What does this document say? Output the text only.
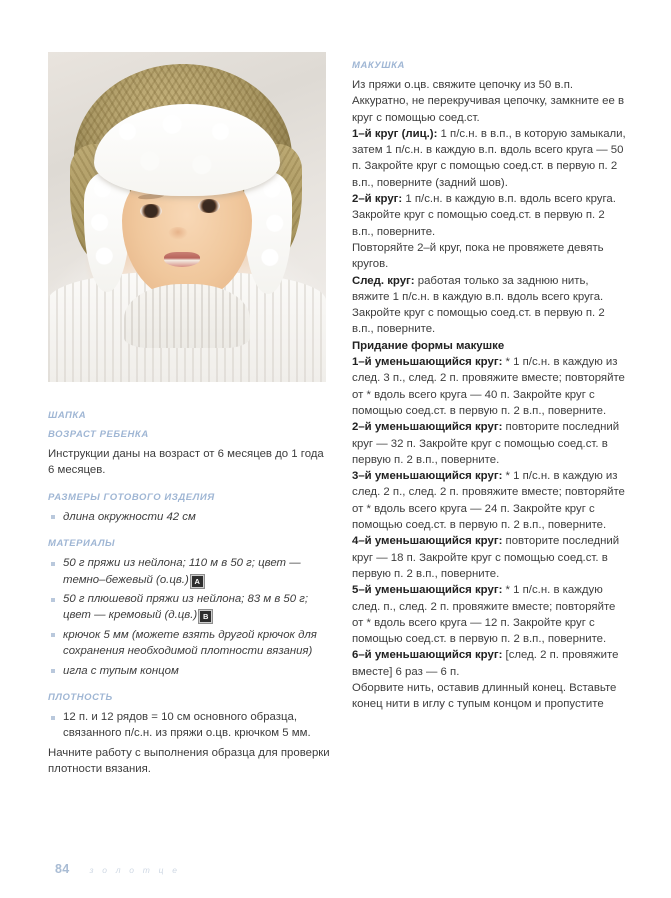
ШАПКА

ВОЗРАСТ РЕБЕНКА

Инструкции даны на возраст от 6 месяцев до 1 года 6 месяцев.

РАЗМЕРЫ ГОТОВОГО ИЗДЕЛИЯ

длина окружности 42 см

МАТЕРИАЛЫ

50 г пряжи из нейлона; 110 м в 50 г; цвет — темно–бежевый (о.цв.) A
50 г плюшевой пряжи из нейлона; 83 м в 50 г; цвет — кремовый (д.цв.) B
крючок 5 мм (можете взять другой крючок для сохранения необходимой плотности вязания)
игла с тупым концом

ПЛОТНОСТЬ

12 п. и 12 рядов = 10 см основного образца, связанного п/с.н. из пряжи о.цв. крючком 5 мм.

Начните работу с выполнения образца для проверки плотности вязания.

МАКУШКА

Из пряжи о.цв. свяжите цепочку из 50 в.п. Аккуратно, не перекручивая цепочку, замкните ее в круг с помощью соед.ст.

1–й круг (лиц.): 1 п/с.н. в в.п., в которую замыкали, затем 1 п/с.н. в каждую в.п. вдоль всего круга — 50 п. Закройте круг с помощью соед.ст. в первую п. 2 в.п., поверните (задний шов).

2–й круг: 1 п/с.н. в каждую в.п. вдоль всего круга. Закройте круг с помощью соед.ст. в первую п. 2 в.п., поверните.

Повторяйте 2–й круг, пока не провяжете девять кругов.

След. круг: работая только за заднюю нить, вяжите 1 п/с.н. в каждую в.п. вдоль всего круга. Закройте круг с помощью соед.ст. в первую п. 2 в.п., поверните.

Придание формы макушке

1–й уменьшающийся круг: * 1 п/с.н. в каждую из след. 3 п., след. 2 п. провяжите вместе; повторяйте от * вдоль всего круга — 40 п. Закройте круг с помощью соед.ст. в первую п. 2 в.п., поверните.

2–й уменьшающийся круг: повторите последний круг — 32 п. Закройте круг с помощью соед.ст. в первую п. 2 в.п., поверните.

3–й уменьшающийся круг: * 1 п/с.н. в каждую из след. 2 п., след. 2 п. провяжите вместе; повторяйте от * вдоль всего круга — 24 п. Закройте круг с помощью соед.ст. в первую п. 2 в.п., поверните.

4–й уменьшающийся круг: повторите последний круг — 18 п. Закройте круг с помощью соед.ст. в первую п. 2 в.п., поверните.

5–й уменьшающийся круг: * 1 п/с.н. в каждую след. п., след. 2 п. провяжите вместе; повторяйте от * вдоль всего круга — 12 п. Закройте круг с помощью соед.ст. в первую п. 2 в.п., поверните.

6–й уменьшающийся круг: [след. 2 п. провяжите вместе] 6 раз — 6 п.

Оборвите нить, оставив длинный конец. Вставьте конец нити в иглу с тупым концом и пропустите

84 з о л о т ц е
